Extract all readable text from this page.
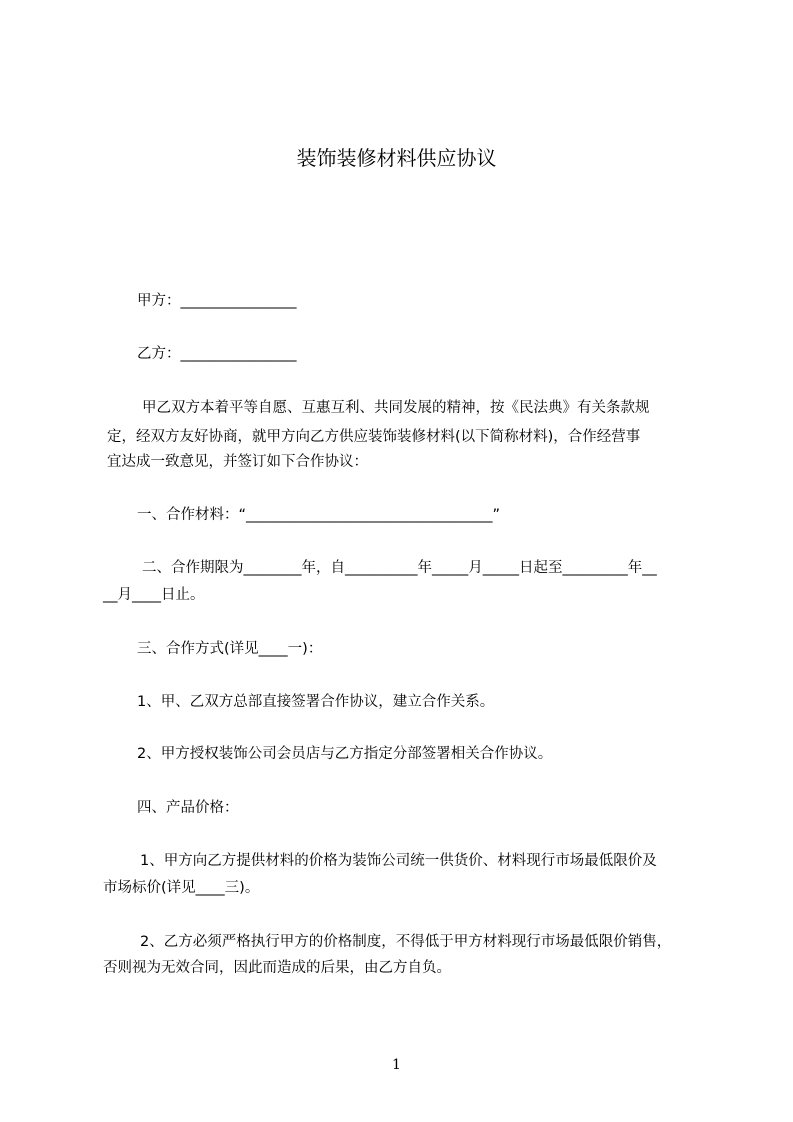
装饰装修材料供应协议
甲方：________________
乙方：________________
甲乙双方本着平等自愿、互惠互利、共同发展的精神，按《民法典》有关条款规
定，经双方友好协商，就甲方向乙方供应装饰装修材料(以下简称材料)，合作经营事
宜达成一致意见，并签订如下合作协议：
一、合作材料：“__________________________________”
二、合作期限为________年，自__________年_____月_____日起至_________年__
__月____日止。
三、合作方式(详见____一)：
1、甲、乙双方总部直接签署合作协议，建立合作关系。
2、甲方授权装饰公司会员店与乙方指定分部签署相关合作协议。
四、产品价格：
1、甲方向乙方提供材料的价格为装饰公司统一供货价、材料现行市场最低限价及
市场标价(详见____三)。
2、乙方必须严格执行甲方的价格制度，不得低于甲方材料现行市场最低限价销售，
否则视为无效合同，因此而造成的后果，由乙方自负。
1
